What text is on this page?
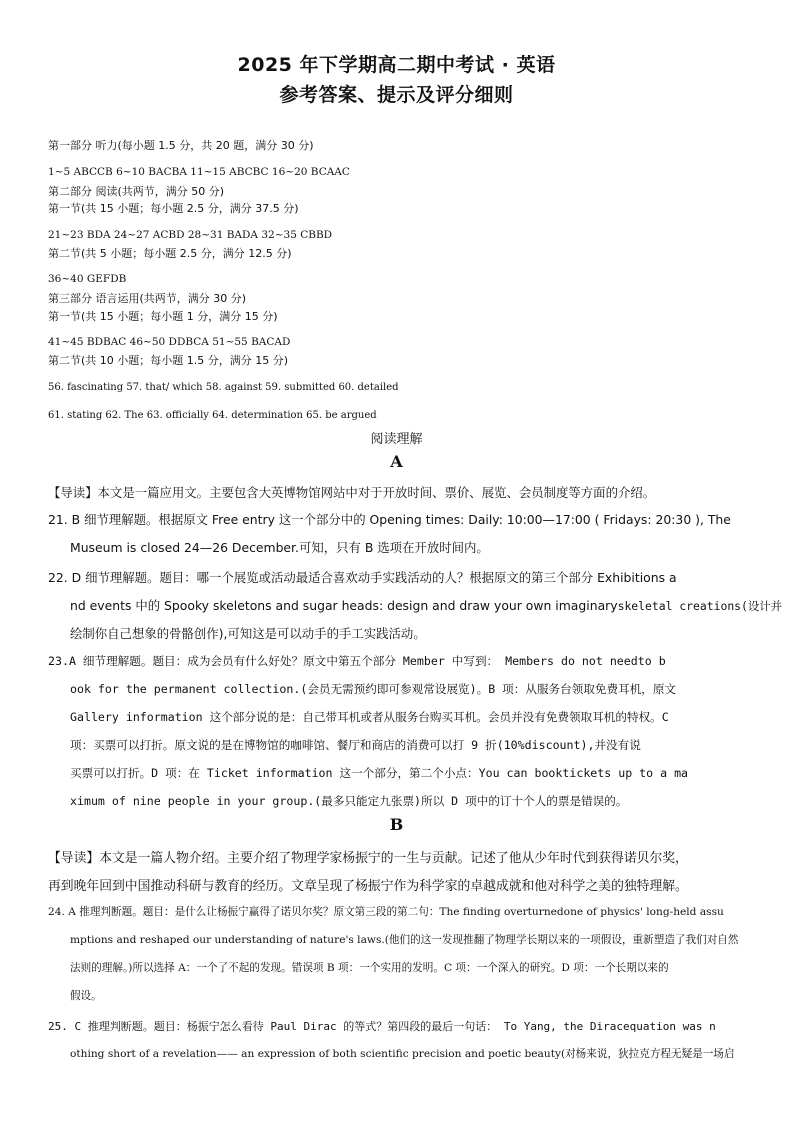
2025 年下学期高二期中考试 · 英语
参考答案、提示及评分细则
第一部分 听力(每小题 1.5 分，共 20 题，满分 30 分)
1~5 ABCCB 6~10 BACBA 11~15 ABCBC 16~20 BCAAC
第二部分 阅读(共两节，满分 50 分)
第一节(共 15 小题；每小题 2.5 分，满分 37.5 分)
21~23 BDA 24~27 ACBD 28~31 BADA 32~35 CBBD
第二节(共 5 小题；每小题 2.5 分，满分 12.5 分)
36~40 GEFDB
第三部分 语言运用(共两节，满分 30 分)
第一节(共 15 小题；每小题 1 分，满分 15 分)
41~45 BDBAC 46~50 DDBCA 51~55 BACAD
第二节(共 10 小题；每小题 1.5 分，满分 15 分)
56. fascinating 57. that/ which 58. against 59. submitted 60. detailed
61. stating 62. The 63. officially 64. determination 65. be argued
阅读理解
A
【导读】本文是一篇应用文。主要包含大英博物馆网站中对于开放时间、票价、展览、会员制度等方面的介绍。
21. B 细节理解题。根据原文 Free entry 这一个部分中的 Opening times: Daily: 10:00—17:00 ( Fridays: 20:30 ), The
Museum is closed 24—26 December.可知，只有 B 选项在开放时间内。
22. D 细节理解题。题目：哪一个展览或活动最适合喜欢动手实践活动的人？根据原文的第三个部分 Exhibitions a
nd events 中的 Spooky skeletons and sugar heads: design and draw your own imaginaryskeletal creations(设计并
绘制你自己想象的骨骼创作),可知这是可以动手的手工实践活动。
23.A 细节理解题。题目：成为会员有什么好处？原文中第五个部分 Member 中写到： Members do not needto b
ook for the permanent collection.(会员无需预约即可参观常设展览)。B 项：从服务台领取免费耳机，原文
Gallery information 这个部分说的是：自己带耳机或者从服务台购买耳机。会员并没有免费领取耳机的特权。C
项：买票可以打折。原文说的是在博物馆的咖啡馆、餐厅和商店的消费可以打 9 折(10%discount),并没有说
买票可以打折。D 项：在 Ticket information 这一个部分，第二个小点：You can booktickets up to a ma
ximum of nine people in your group.(最多只能定九张票)所以 D 项中的订十个人的票是错误的。
B
【导读】本文是一篇人物介绍。主要介绍了物理学家杨振宁的一生与贡献。记述了他从少年时代到获得诺贝尔奖，
再到晚年回到中国推动科研与教育的经历。文章呈现了杨振宁作为科学家的卓越成就和他对科学之美的独特理解。
24. A 推理判断题。题目：是什么让杨振宁赢得了诺贝尔奖？原文第三段的第二句：The finding overturnedone of physics' long-held assu
mptions and reshaped our understanding of nature's laws.(他们的这一发现推翻了物理学长期以来的一项假设，重新塑造了我们对自然
法则的理解。)所以选择 A：一个了不起的发现。错误项 B 项：一个实用的发明。C 项：一个深入的研究。D 项：一个长期以来的
假设。
25. C 推理判断题。题目：杨振宁怎么看待 Paul Dirac 的等式？第四段的最后一句话： To Yang, the Diracequation was n
othing short of a revelation—— an expression of both scientific precision and poetic beauty(对杨来说，狄拉克方程无疑是一场启
